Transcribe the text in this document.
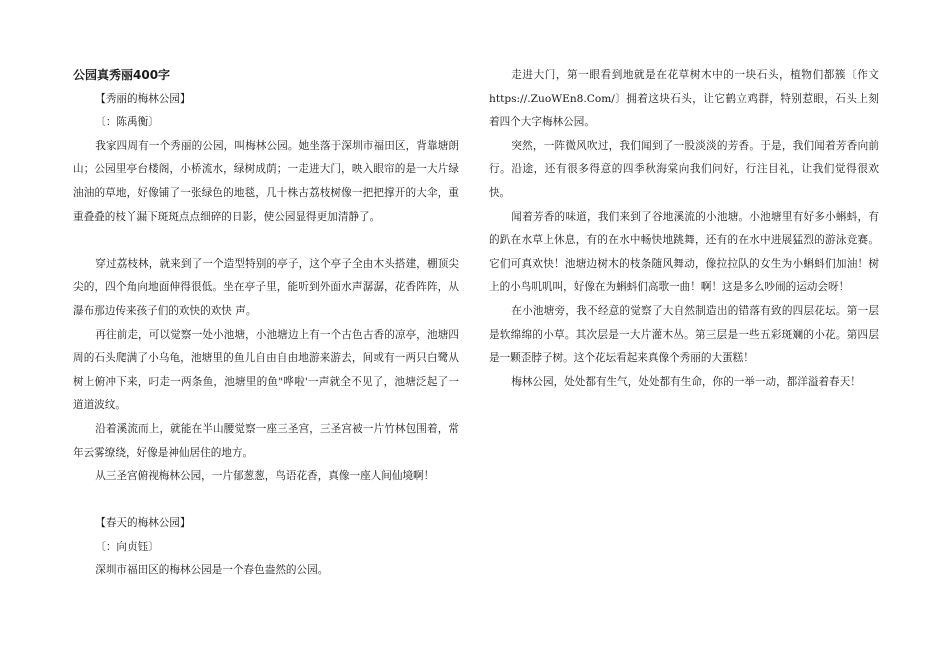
公园真秀丽400字

【秀丽的梅林公园】

〔：陈禹衡〕

我家四周有一个秀丽的公园，叫梅林公园。她坐落于深圳市福田区，背靠塘朗山；公园里亭台楼阁，小桥流水，绿树成荫；一走进大门，映入眼帘的是一大片绿油油的草地，好像铺了一张绿色的地毯，几十株古荔枝树像一把把撑开的大伞，重重叠叠的枝丫漏下斑斑点点细碎的日影，使公园显得更加清静了。

穿过荔枝林，就来到了一个造型特别的亭子，这个亭子全由木头搭建，棚顶尖尖的，四个角向地面伸得很低。坐在亭子里，能听到外面水声潺潺，花香阵阵，从瀑布那边传来孩子们的欢快的欢快 声。

再往前走，可以觉察一处小池塘，小池塘边上有一个古色古香的凉亭，池塘四周的石头爬满了小乌龟，池塘里的鱼儿自由自由地游来游去，间或有一两只白鹭从树上俯冲下来，叼走一两条鱼，池塘里的鱼"哗啦'一声就全不见了，池塘泛起了一道道波纹。

沿着溪流而上，就能在半山腰觉察一座三圣宫，三圣宫被一片竹林包围着，常年云雾缭绕，好像是神仙居住的地方。

从三圣宫俯视梅林公园，一片郁葱葱，鸟语花香，真像一座人间仙境啊！

【春天的梅林公园】

〔：向贞钰〕

深圳市福田区的梅林公园是一个春色盎然的公园。

走进大门，第一眼看到地就是在花草树木中的一块石头，植物们都簇〔作文https://.ZuoWEn8.Com/〕拥着这块石头，让它鹤立鸡群，特别惹眼，石头上刻着四个大字梅林公园。

突然，一阵微风吹过，我们闻到了一股淡淡的芳香。于是，我们闻着芳香向前行。沿途，还有很多得意的四季秋海棠向我们问好，行注目礼，让我们觉得很欢快。

闻着芳香的味道，我们来到了谷地溪流的小池塘。小池塘里有好多小蝌蚪，有的趴在水草上休息，有的在水中畅快地跳舞，还有的在水中进展猛烈的游泳竞赛。它们可真欢快！池塘边树木的枝条随风舞动，像拉拉队的女生为小蝌蚪们加油！树上的小鸟叽叽叫，好像在为蝌蚪们高歌一曲！啊！这是多么吵闹的运动会呀！

在小池塘旁，我不经意的觉察了大自然制造出的错落有致的四层花坛。第一层是软绵绵的小草。其次层是一大片灌木丛。第三层是一些五彩斑斓的小花。第四层是一颗歪脖子树。这个花坛看起来真像个秀丽的大蛋糕！

梅林公园，处处都有生气，处处都有生命，你的一举一动，都洋溢着春天！
